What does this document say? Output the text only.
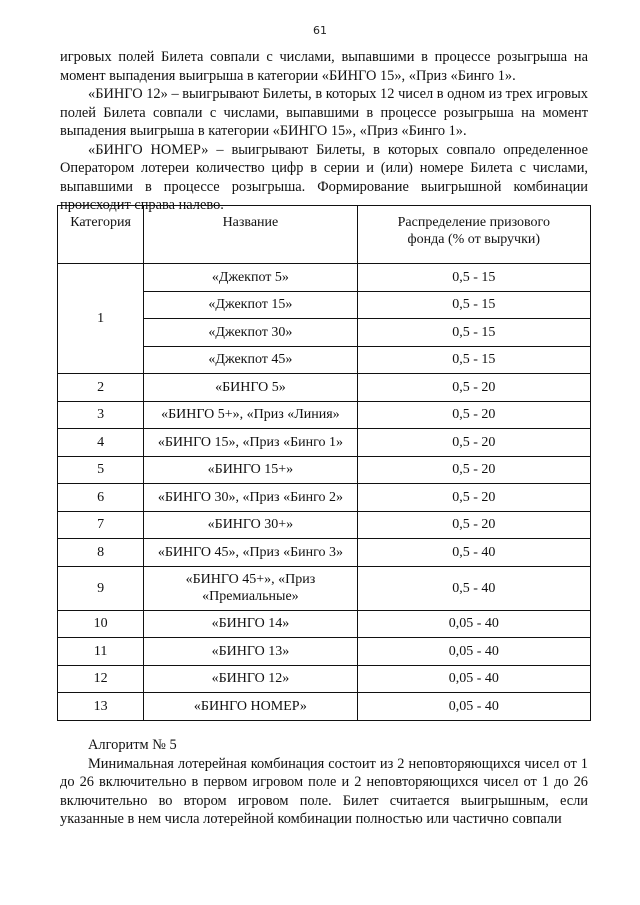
61

игровых полей Билета совпали с числами, выпавшими в процессе розыгрыша на момент выпадения выигрыша в категории «БИНГО 15», «Приз «Бинго 1».

«БИНГО 12» – выигрывают Билеты, в которых 12 чисел в одном из трех игровых полей Билета совпали с числами, выпавшими в процессе розыгрыша на момент выпадения выигрыша в категории «БИНГО 15», «Приз «Бинго 1».

«БИНГО НОМЕР» – выигрывают Билеты, в которых совпало определенное Оператором лотереи количество цифр в серии и (или) номере Билета с числами, выпавшими в процессе розыгрыша. Формирование выигрышной комбинации происходит справа налево.

Категория	Название	Распределение призового
фонда (% от выручки)
1	«Джекпот 5»	0,5 - 15
	«Джекпот 15»	0,5 - 15
	«Джекпот 30»	0,5 - 15
	«Джекпот 45»	0,5 - 15
2	«БИНГО 5»	0,5 - 20
3	«БИНГО 5+», «Приз «Линия»	0,5 - 20
4	«БИНГО 15», «Приз «Бинго 1»	0,5 - 20
5	«БИНГО 15+»	0,5 - 20
6	«БИНГО 30», «Приз «Бинго 2»	0,5 - 20
7	«БИНГО 30+»	0,5 - 20
8	«БИНГО 45», «Приз «Бинго 3»	0,5 - 40
9	«БИНГО 45+», «Приз
«Премиальные»	0,5 - 40
10	«БИНГО 14»	0,05 - 40
11	«БИНГО 13»	0,05 - 40
12	«БИНГО 12»	0,05 - 40
13	«БИНГО НОМЕР»	0,05 - 40

Алгоритм № 5

Минимальная лотерейная комбинация состоит из 2 неповторяющихся чисел от 1 до 26 включительно в первом игровом поле и 2 неповторяющихся чисел от 1 до 26 включительно во втором игровом поле. Билет считается выигрышным, если указанные в нем числа лотерейной комбинации полностью или частично совпали
